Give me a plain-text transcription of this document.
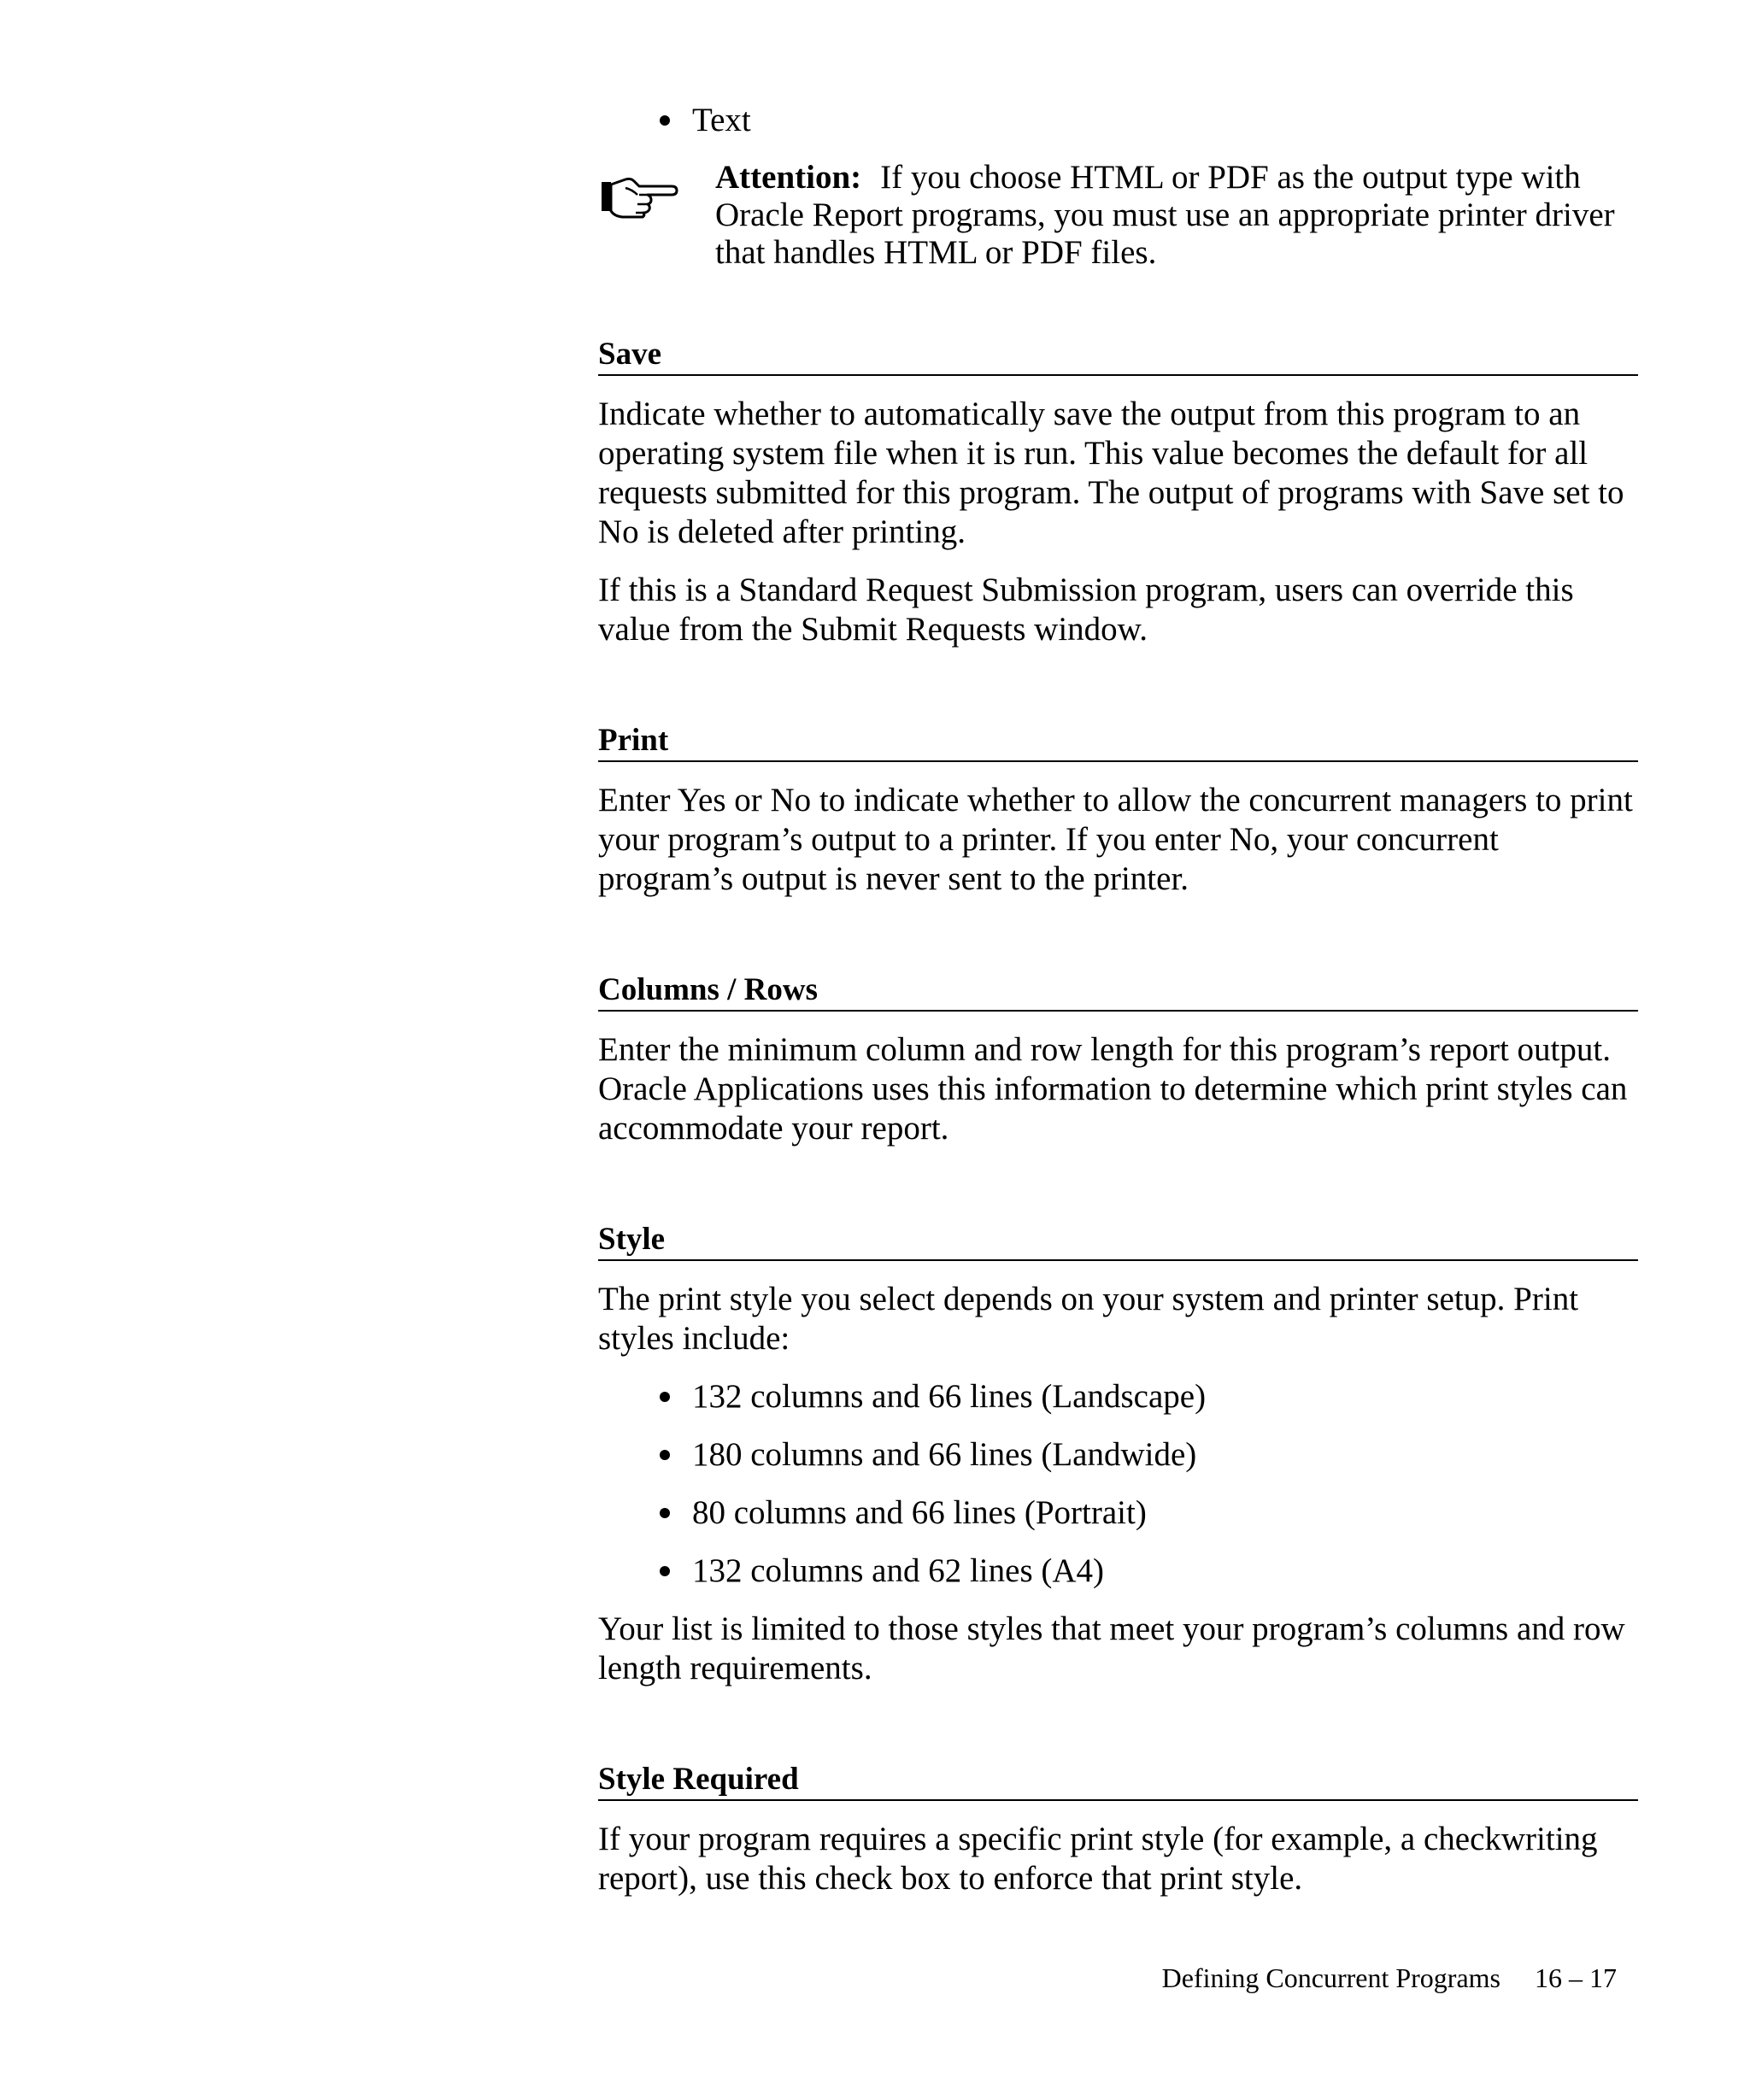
Text

Attention: If you choose HTML or PDF as the output type with Oracle Report programs, you must use an appropriate printer driver that handles HTML or PDF files.

Save

Indicate whether to automatically save the output from this program to an operating system file when it is run. This value becomes the default for all requests submitted for this program. The output of programs with Save set to No is deleted after printing.

If this is a Standard Request Submission program, users can override this value from the Submit Requests window.

Print

Enter Yes or No to indicate whether to allow the concurrent managers to print your program’s output to a printer. If you enter No, your concurrent program’s output is never sent to the printer.

Columns / Rows

Enter the minimum column and row length for this program’s report output. Oracle Applications uses this information to determine which print styles can accommodate your report.

Style

The print style you select depends on your system and printer setup. Print styles include:

132 columns and 66 lines (Landscape)
180 columns and 66 lines (Landwide)
80 columns and 66 lines (Portrait)
132 columns and 62 lines (A4)

Your list is limited to those styles that meet your program’s columns and row length requirements.

Style Required

If your program requires a specific print style (for example, a checkwriting report), use this check box to enforce that print style.

Defining Concurrent Programs 16 – 17
